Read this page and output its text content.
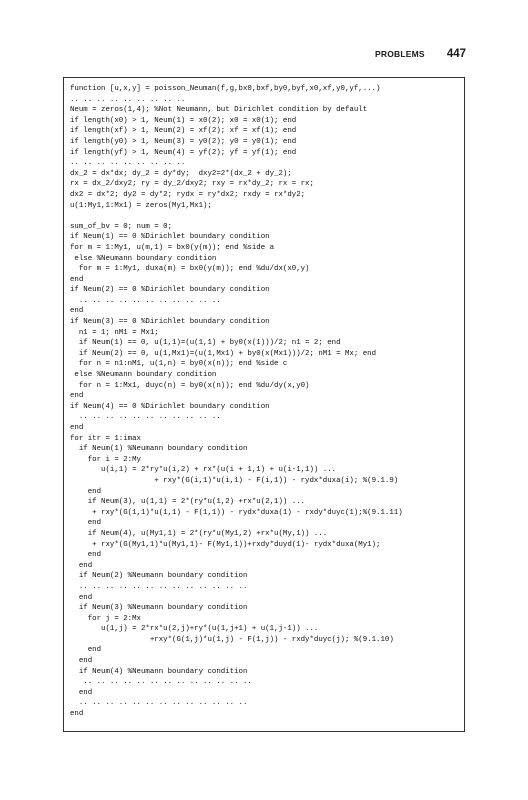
PROBLEMS 447
function [u,x,y] = poisson_Neuman(f,g,bx0,bxf,by0,byf,x0,xf,y0,yf,...)
.. .. .. .. .. .. .. .. ..
Neum = zeros(1,4); %Not Neumann, but Dirichlet condition by default
if length(x0) > 1, Neum(1) = x0(2); x0 = x0(1); end
if length(xf) > 1, Neum(2) = xf(2); xf = xf(1); end
if length(y0) > 1, Neum(3) = y0(2); y0 = y0(1); end
if length(yf) > 1, Neum(4) = yf(2); yf = yf(1); end
.. .. .. .. .. .. .. .. ..
dx_2 = dx*dx; dy_2 = dy*dy;  dxy2=2*(dx_2 + dy_2);
rx = dx_2/dxy2; ry = dy_2/dxy2; rxy = rx*dy_2; rx = rx;
dx2 = dx*2; dy2 = dy*2; rydx = ry*dx2; rxdy = rx*dy2;
u(1:My1,1:Mx1) = zeros(My1,Mx1);
sum_of_bv = 0; num = 0;
if Neum(1) == 0 %Dirichlet boundary condition
for m = 1:My1, u(m,1) = bx0(y(m)); end %side a
else %Neumann boundary condition
for m = 1:My1, duxa(m) = bx0(y(m)); end %du/dx(x0,y)
end
if Neum(2) == 0 %Dirichlet boundary condition
.. .. .. .. .. .. .. .. .. .. ..
end
if Neum(3) == 0 %Dirichlet boundary condition
n1 = 1; nM1 = Mx1;
if Neum(1) == 0, u(1,1)=(u(1,1) + by0(x(1)))/2; n1 = 2; end
if Neum(2) == 0, u(1,Mx1)=(u(1,Mx1) + by0(x(Mx1)))/2; nM1 = Mx; end
for n = n1:nM1, u(1,n) = by0(x(n)); end %side c
else %Neumann boundary condition
for n = 1:Mx1, duyc(n) = by0(x(n)); end %du/dy(x,y0)
end
if Neum(4) == 0 %Dirichlet boundary condition
.. .. .. .. .. .. .. .. .. .. ..
end
for itr = 1:imax
if Neum(1) %Neumann boundary condition
for i = 2:My
u(i,1) = 2*ry*u(i,2) + rx*(u(i + 1,1) + u(i-1,1)) ...
+ rxy*(G(i,1)*u(i,1) - F(i,1)) - rydx*duxa(i); %(9.1.9)
end
if Neum(3), u(1,1) = 2*(ry*u(1,2) +rx*u(2,1)) ...
+ rxy*(G(1,1)*u(1,1) - F(1,1)) - rydx*duxa(1) - rxdy*duyc(1);%(9.1.11)
end
if Neum(4), u(My1,1) = 2*(ry*u(My1,2) +rx*u(My,1)) ...
+ rxy*(G(My1,1)*u(My1,1)- F(My1,1))+rxdy*duyd(1)- rydx*duxa(My1);
end
end
if Neum(2) %Neumann boundary condition
.. .. .. .. .. .. .. .. .. .. .. .. ..
end
if Neum(3) %Neumann boundary condition
for j = 2:Mx
u(1,j) = 2*rx*u(2,j)+ry*(u(1,j+1) + u(1,j-1)) ...
+rxy*(G(1,j)*u(1,j) - F(1,j)) - rxdy*duyc(j); %(9.1.10)
end
end
if Neum(4) %Neumann boundary condition
.. .. .. .. .. .. .. .. .. .. .. .. ..
end
.. .. .. .. .. .. .. .. .. .. .. .. ..
end
